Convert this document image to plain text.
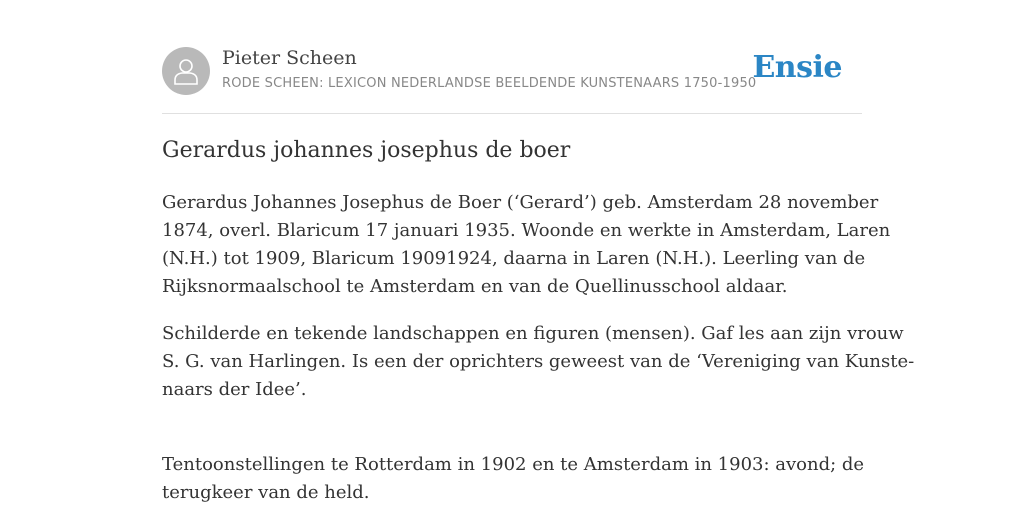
Pieter Scheen
RODE SCHEEN: LEXICON NEDERLANDSE BEELDENDE KUNSTENAARS 1750-1950
Ensie
Gerardus johannes josephus de boer

Gerardus Johannes Josephus de Boer (‘Gerard’) geb. Amsterdam 28 november
1874, overl. Blaricum 17 januari 1935. Woonde en werkte in Amsterdam, Laren
(N.H.) tot 1909, Blaricum 19091924, daarna in Laren (N.H.). Leerling van de
Rijksnormaalschool te Amsterdam en van de Quellinusschool aldaar.

Schilderde en tekende landschappen en figuren (mensen). Gaf les aan zijn vrouw
S. G. van Harlingen. Is een der oprichters geweest van de ‘Vereniging van Kunste-
naars der Idee’.

Tentoonstellingen te Rotterdam in 1902 en te Amsterdam in 1903: avond; de
terugkeer van de held.
